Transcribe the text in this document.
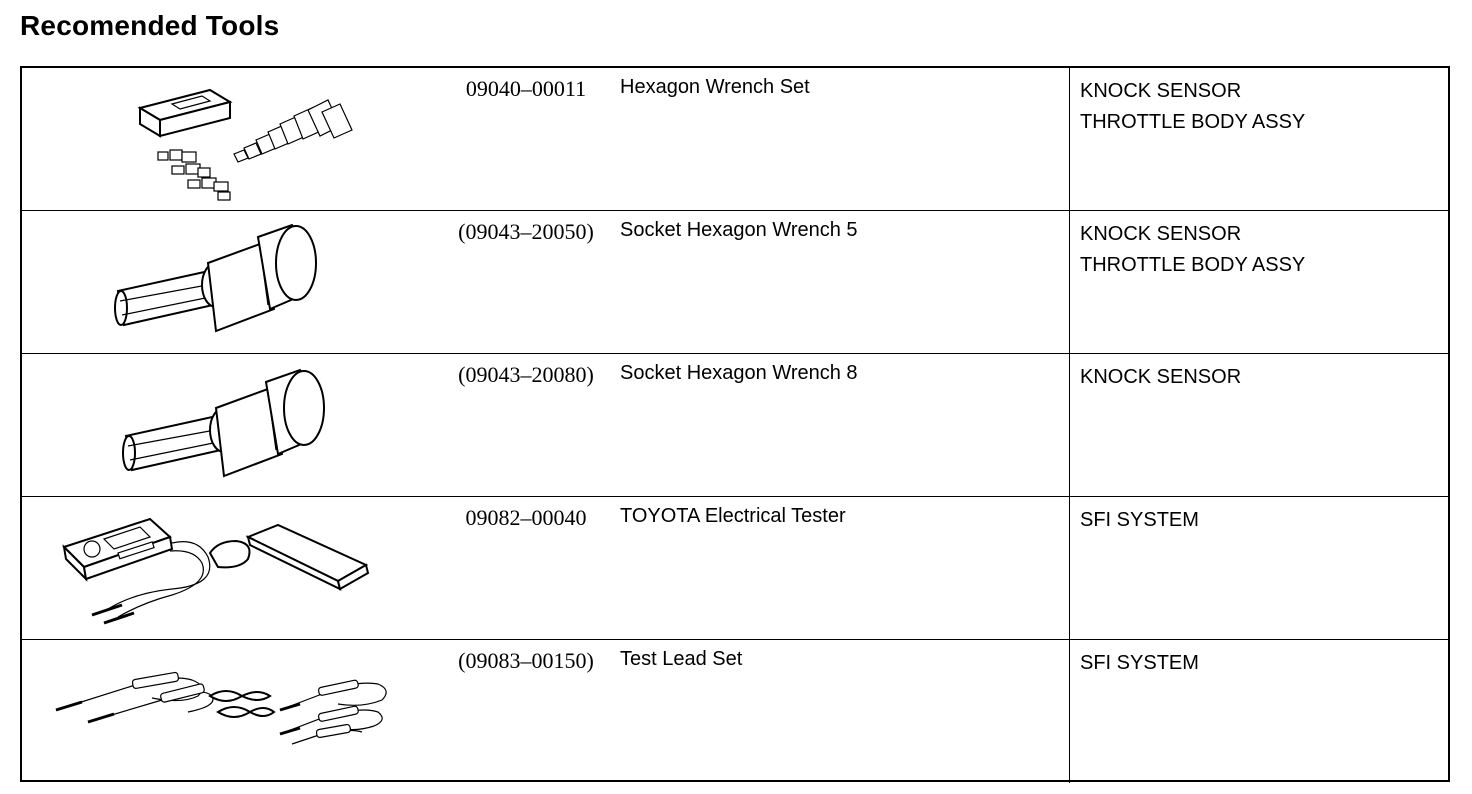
Recomended Tools
09040–00011	Hexagon Wrench Set	KNOCK SENSOR
THROTTLE BODY ASSY
(09043–20050)	Socket Hexagon Wrench 5	KNOCK SENSOR
THROTTLE BODY ASSY
(09043–20080)	Socket Hexagon Wrench 8	KNOCK SENSOR
09082–00040	TOYOTA Electrical Tester	SFI SYSTEM
(09083–00150)	Test Lead Set	SFI SYSTEM
